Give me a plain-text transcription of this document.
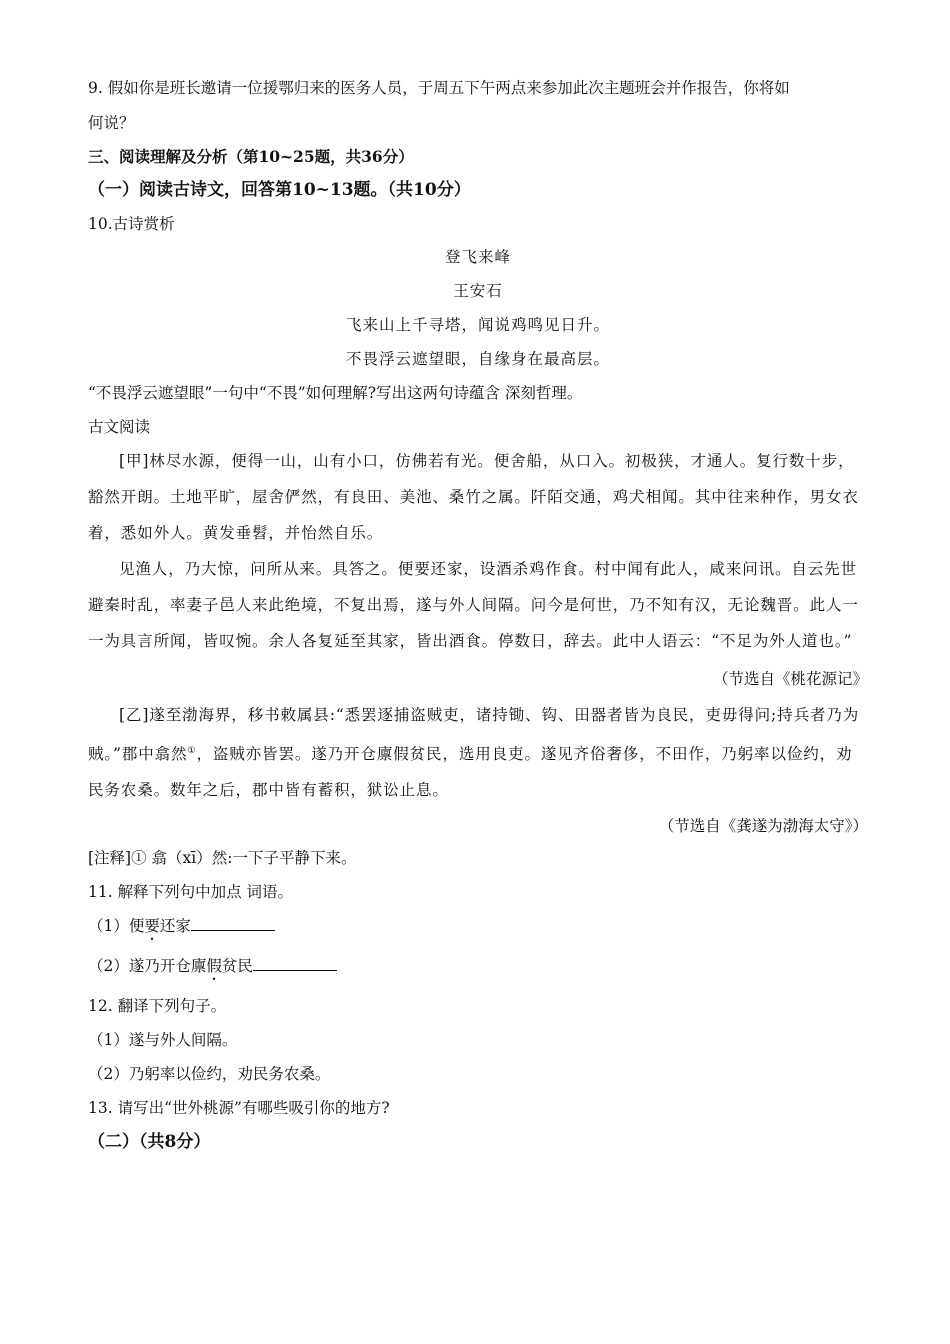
9. 假如你是班长邀请一位援鄂归来的医务人员，于周五下午两点来参加此次主题班会并作报告，你将如

何说？

三、阅读理解及分析（第10~25题，共36分）

（一）阅读古诗文，回答第10~13题。（共10分）

10.古诗赏析

登飞来峰

王安石

飞来山上千寻塔，闻说鸡鸣见日升。

不畏浮云遮望眼，自缘身在最高层。

“不畏浮云遮望眼”一句中“不畏”如何理解?写出这两句诗蕴含 深刻哲理。

古文阅读

[甲]林尽水源，便得一山，山有小口，仿佛若有光。便舍船，从口入。初极狭，才通人。复行数十步，豁然开朗。土地平旷，屋舍俨然，有良田、美池、桑竹之属。阡陌交通，鸡犬相闻。其中往来种作，男女衣着，悉如外人。黄发垂髫，并怡然自乐。

见渔人，乃大惊，问所从来。具答之。便要还家，设酒杀鸡作食。村中闻有此人，咸来问讯。自云先世避秦时乱，率妻子邑人来此绝境，不复出焉，遂与外人间隔。问今是何世，乃不知有汉，无论魏晋。此人一一为具言所闻，皆叹惋。余人各复延至其家，皆出酒食。停数日，辞去。此中人语云：“不足为外人道也。”

（节选自《桃花源记》

[乙]遂至渤海界，移书敕属县:“悉罢逐捕盗贼吏，诸持锄、钩、田器者皆为良民，吏毋得问;持兵者乃为贼。”郡中翕然①，盗贼亦皆罢。遂乃开仓廪假贫民，选用良吏。遂见齐俗奢侈，不田作，乃躬率以俭约，劝民务农桑。数年之后，郡中皆有蓄积，狱讼止息。

（节选自《龚遂为渤海太守》）

[注释]① 翕（xī）然:一下子平静下来。

11. 解释下列句中加点 词语。

（1）便要还家

（2）遂乃开仓廪假贫民

12. 翻译下列句子。

（1）遂与外人间隔。

（2）乃躬率以俭约，劝民务农桑。

13. 请写出“世外桃源”有哪些吸引你的地方?

（二）（共8分）
